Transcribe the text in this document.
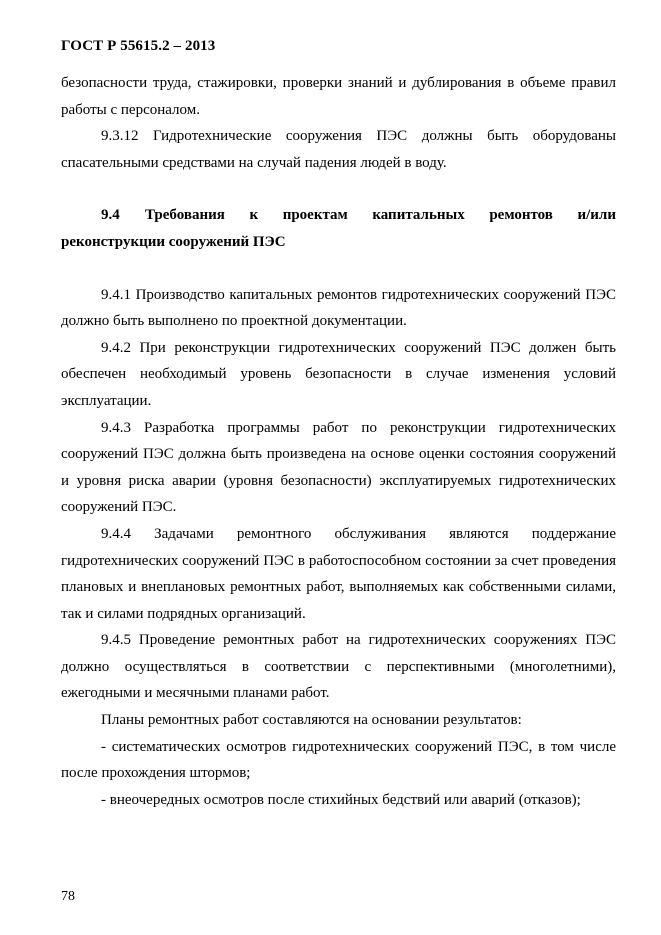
ГОСТ Р 55615.2 – 2013

безопасности труда, стажировки, проверки знаний и дублирования в объеме правил работы с персоналом.

9.3.12 Гидротехнические сооружения ПЭС должны быть оборудованы спасательными средствами на случай падения людей в воду.

9.4 Требования к проектам капитальных ремонтов и/или реконструкции сооружений ПЭС

9.4.1 Производство капитальных ремонтов гидротехнических сооружений ПЭС должно быть выполнено по проектной документации.

9.4.2 При реконструкции гидротехнических сооружений ПЭС должен быть обеспечен необходимый уровень безопасности в случае изменения условий эксплуатации.

9.4.3 Разработка программы работ по реконструкции гидротехнических сооружений ПЭС должна быть произведена на основе оценки состояния сооружений и уровня риска аварии (уровня безопасности) эксплуатируемых гидротехнических сооружений ПЭС.

9.4.4 Задачами ремонтного обслуживания являются поддержание гидротехнических сооружений ПЭС в работоспособном состоянии за счет проведения плановых и внеплановых ремонтных работ, выполняемых как собственными силами, так и силами подрядных организаций.

9.4.5 Проведение ремонтных работ на гидротехнических сооружениях ПЭС должно осуществляться в соответствии с перспективными (многолетними), ежегодными и месячными планами работ.

Планы ремонтных работ составляются на основании результатов:

- систематических осмотров гидротехнических сооружений ПЭС, в том числе после прохождения штормов;

- внеочередных осмотров после стихийных бедствий или аварий (отказов);

78
